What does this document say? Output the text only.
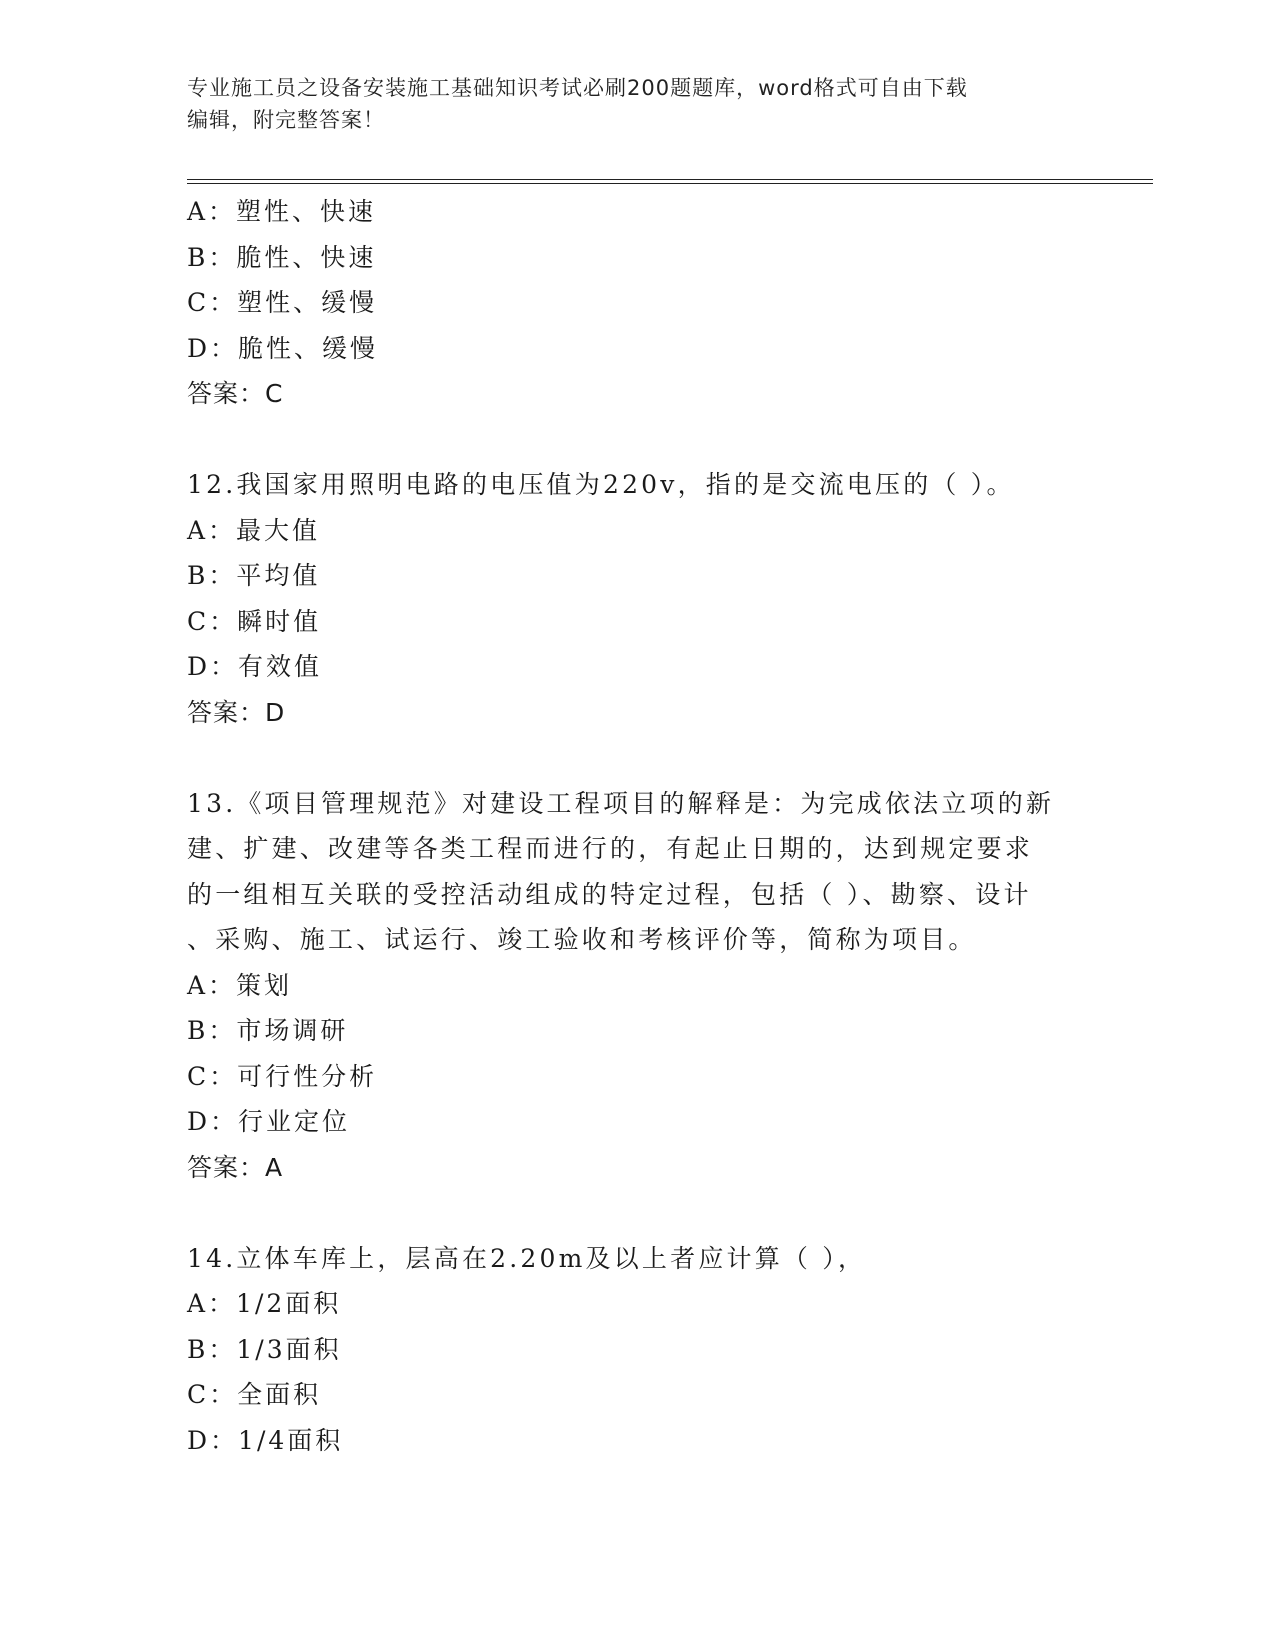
专业施工员之设备安装施工基础知识考试必刷200题题库，word格式可自由下载
编辑，附完整答案！
A：塑性、快速
B：脆性、快速
C：塑性、缓慢
D：脆性、缓慢
答案：C
12.我国家用照明电路的电压值为220v，指的是交流电压的（ ）。
A：最大值
B：平均值
C：瞬时值
D：有效值
答案：D
13.《项目管理规范》对建设工程项目的解释是：为完成依法立项的新
建、扩建、改建等各类工程而进行的，有起止日期的，达到规定要求
的一组相互关联的受控活动组成的特定过程，包括（ ）、勘察、设计
、采购、施工、试运行、竣工验收和考核评价等，简称为项目。
A：策划
B：市场调研
C：可行性分析
D：行业定位
答案：A
14.立体车库上，层高在2.20m及以上者应计算（ ），
A：1/2面积
B：1/3面积
C：全面积
D：1/4面积
